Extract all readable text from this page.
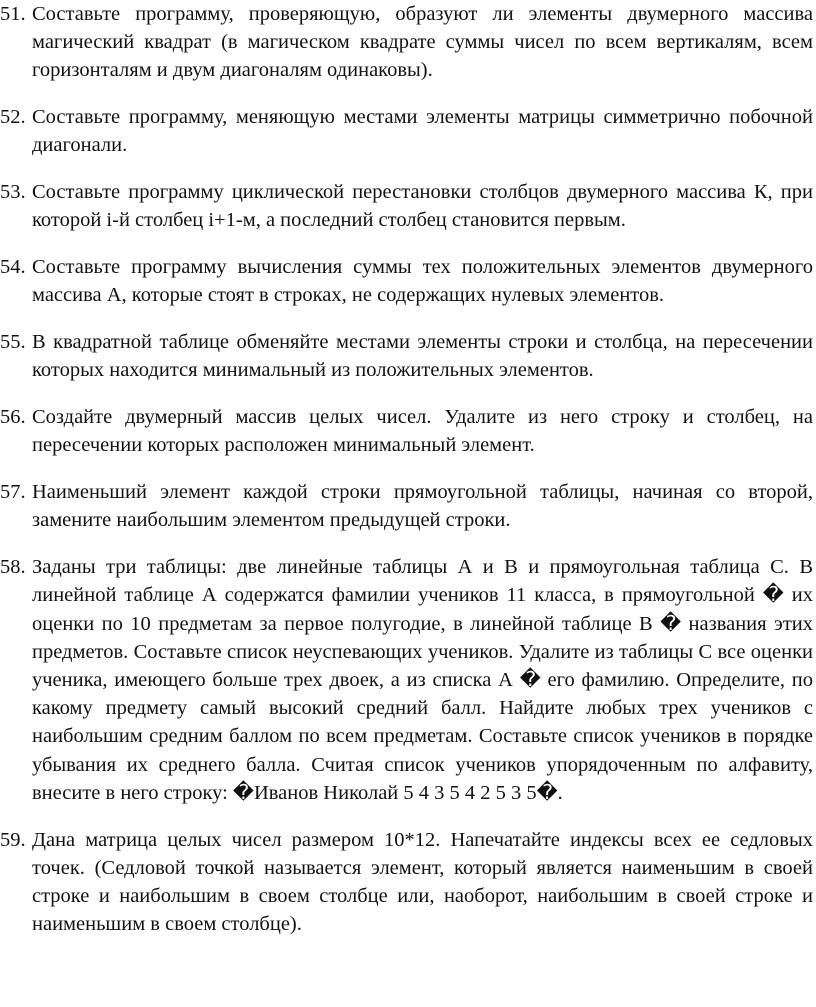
51. Составьте программу, проверяющую, образуют ли элементы двумерного массива магический квадрат (в магическом квадрате суммы чисел по всем вертикалям, всем горизонталям и двум диагоналям одинаковы).
52. Составьте программу, меняющую местами элементы матрицы симметрично побочной диагонали.
53. Составьте программу циклической перестановки столбцов двумерного массива К, при которой i-й столбец i+1-м, а последний столбец становится первым.
54. Составьте программу вычисления суммы тех положительных элементов двумерного массива А, которые стоят в строках, не содержащих нулевых элементов.
55. В квадратной таблице обменяйте местами элементы строки и столбца, на пересечении которых находится минимальный из положительных элементов.
56. Создайте двумерный массив целых чисел. Удалите из него строку и столбец, на пересечении которых расположен минимальный элемент.
57. Наименьший элемент каждой строки прямоугольной таблицы, начиная со второй, замените наибольшим элементом предыдущей строки.
58. Заданы три таблицы: две линейные таблицы А и В и прямоугольная таблица С. В линейной таблице А содержатся фамилии учеников 11 класса, в прямоугольной � их оценки по 10 предметам за первое полугодие, в линейной таблице В � названия этих предметов. Составьте список неуспевающих учеников. Удалите из таблицы С все оценки ученика, имеющего больше трех двоек, а из списка А � его фамилию. Определите, по какому предмету самый высокий средний балл. Найдите любых трех учеников с наибольшим средним баллом по всем предметам. Составьте список учеников в порядке убывания их среднего балла. Считая список учеников упорядоченным по алфавиту, внесите в него строку: �Иванов Николай 5 4 3 5 4 2 5 3 5�.
59. Дана матрица целых чисел размером 10*12. Напечатайте индексы всех ее седловых точек. (Седловой точкой называется элемент, который является наименьшим в своей строке и наибольшим в своем столбце или, наоборот, наибольшим в своей строке и наименьшим в своем столбце).
